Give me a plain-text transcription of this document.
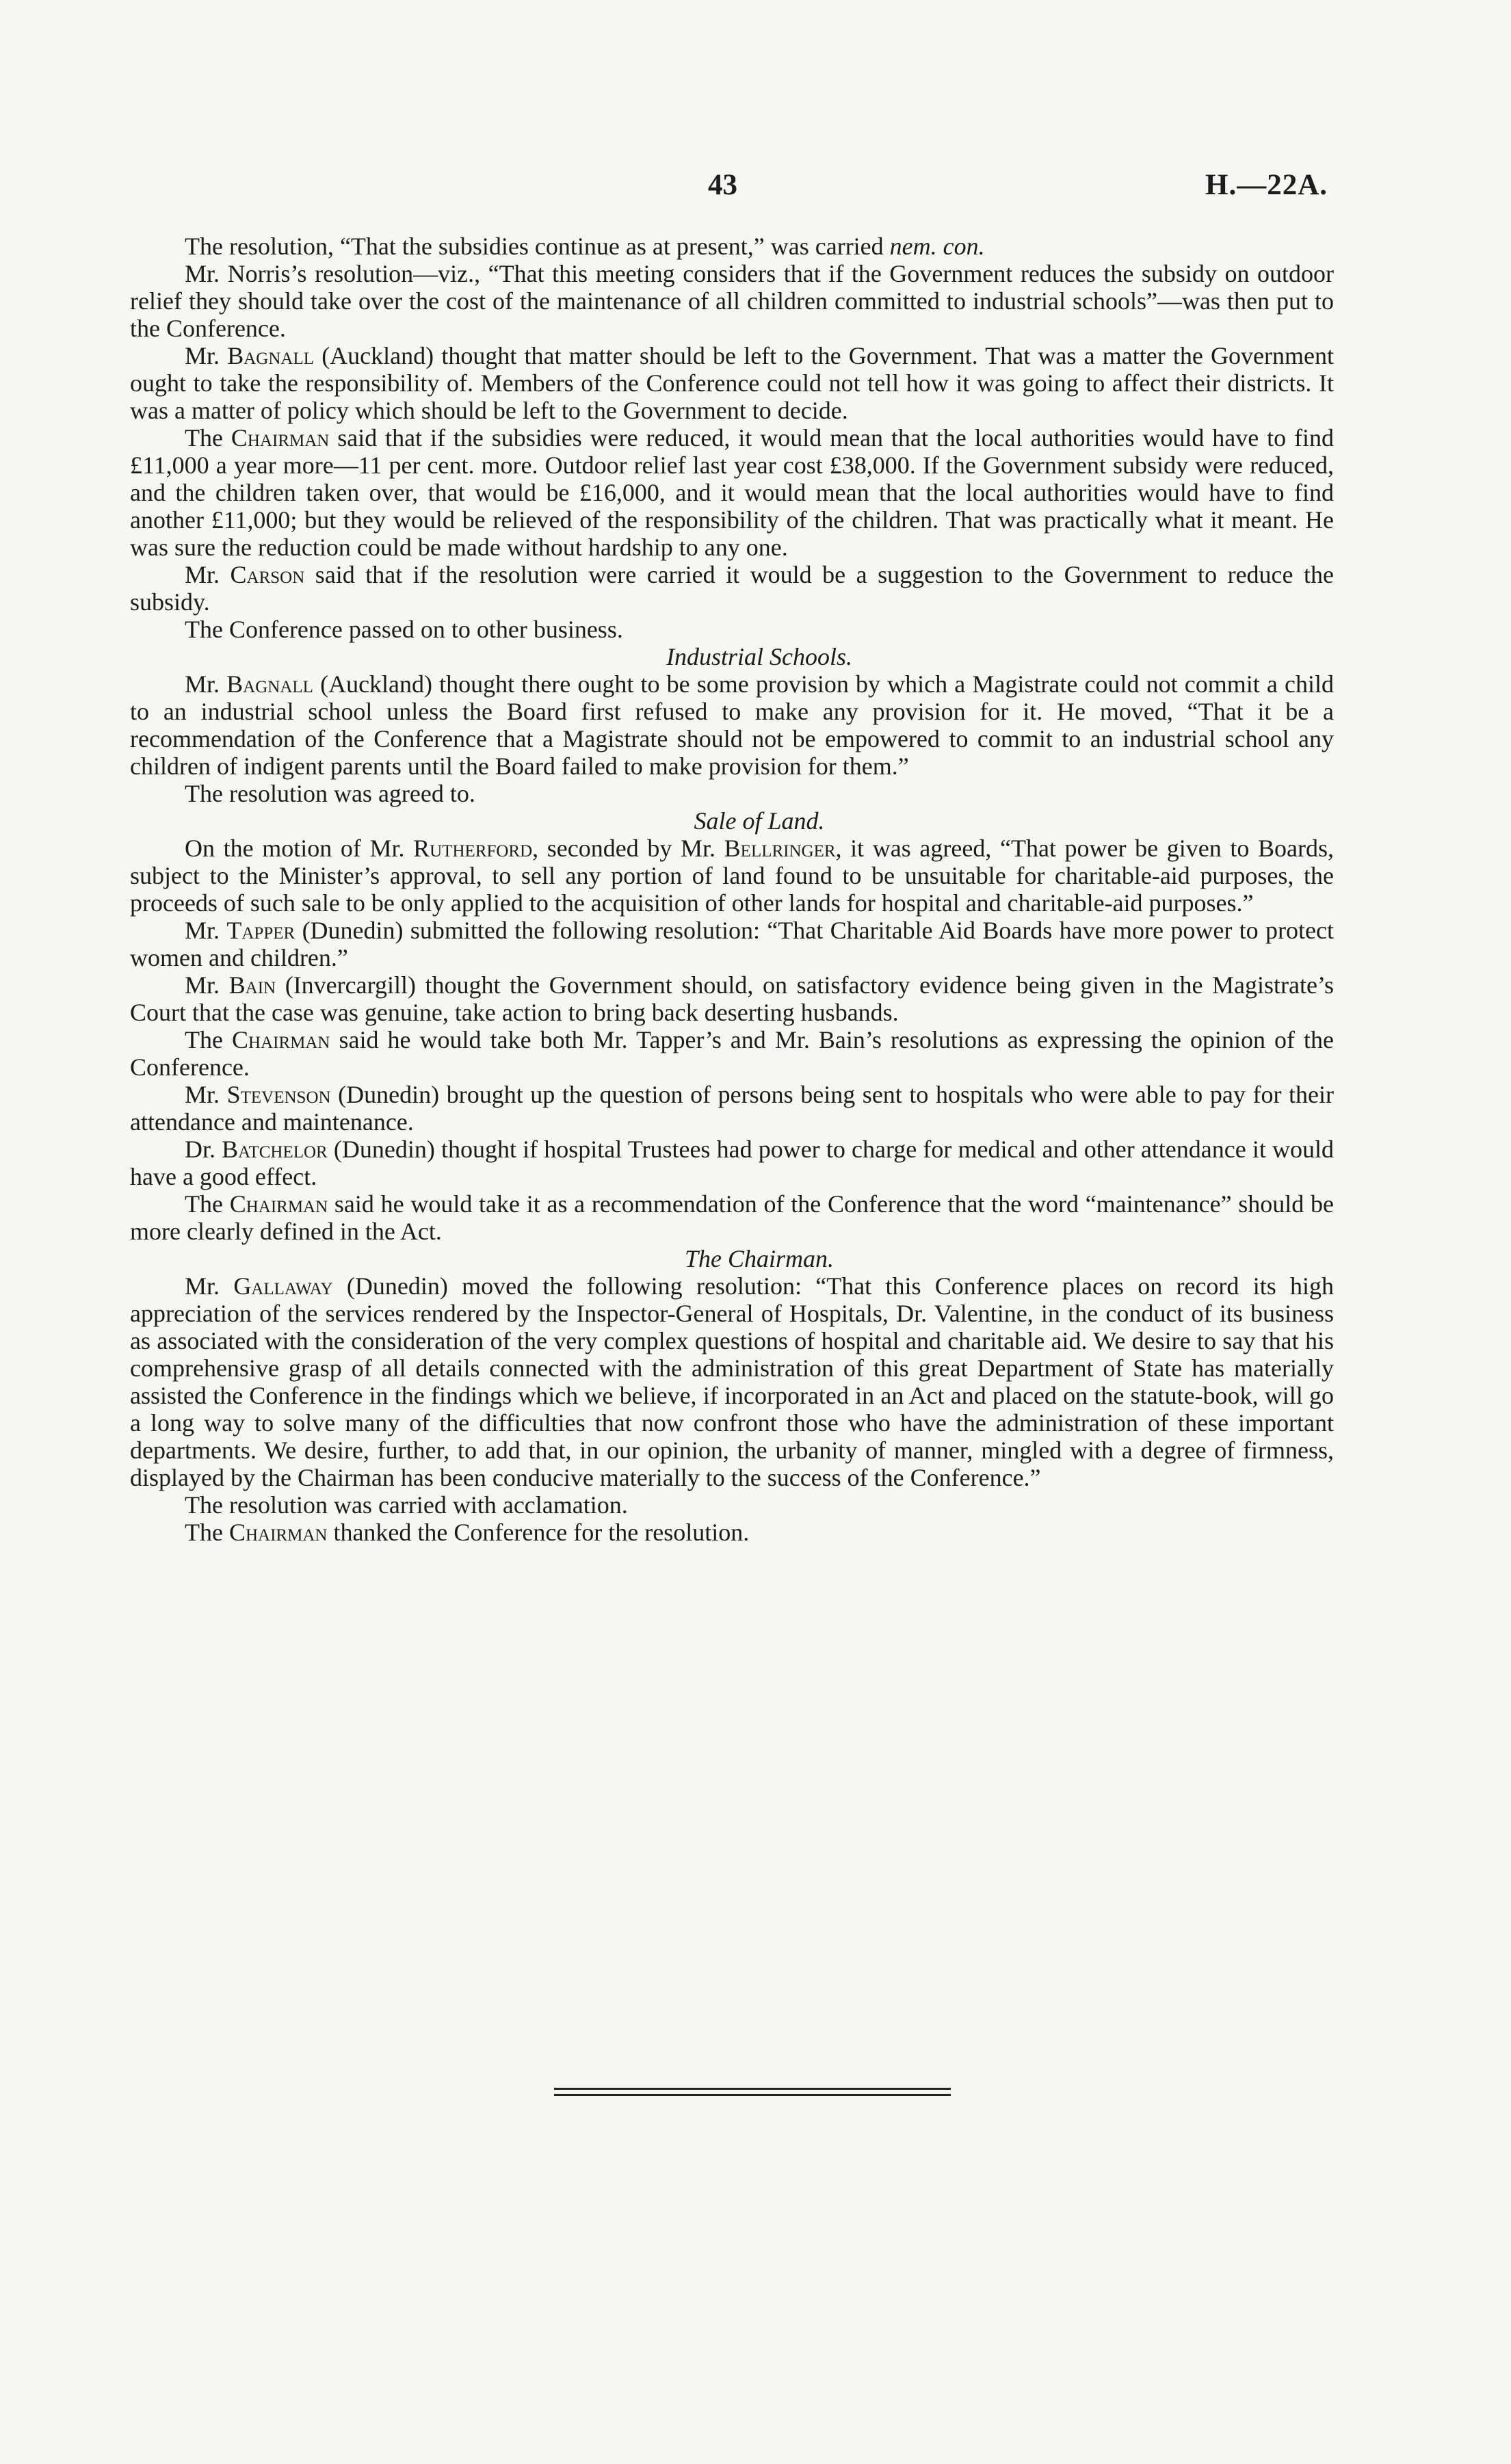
43	H.—22A.

The resolution, “That the subsidies continue as at present,” was carried nem. con.

Mr. Norris’s resolution—viz., “That this meeting considers that if the Government reduces the subsidy on outdoor relief they should take over the cost of the maintenance of all children committed to industrial schools”—was then put to the Conference.

Mr. Bagnall (Auckland) thought that matter should be left to the Government. That was a matter the Government ought to take the responsibility of. Members of the Conference could not tell how it was going to affect their districts. It was a matter of policy which should be left to the Government to decide.

The Chairman said that if the subsidies were reduced, it would mean that the local authorities would have to find £11,000 a year more—11 per cent. more. Outdoor relief last year cost £38,000. If the Government subsidy were reduced, and the children taken over, that would be £16,000, and it would mean that the local authorities would have to find another £11,000; but they would be relieved of the responsibility of the children. That was practically what it meant. He was sure the reduction could be made without hardship to any one.

Mr. Carson said that if the resolution were carried it would be a suggestion to the Government to reduce the subsidy.

The Conference passed on to other business.

Industrial Schools.

Mr. Bagnall (Auckland) thought there ought to be some provision by which a Magistrate could not commit a child to an industrial school unless the Board first refused to make any provision for it. He moved, “That it be a recommendation of the Conference that a Magistrate should not be empowered to commit to an industrial school any children of indigent parents until the Board failed to make provision for them.”

The resolution was agreed to.

Sale of Land.

On the motion of Mr. Rutherford, seconded by Mr. Bellringer, it was agreed, “That power be given to Boards, subject to the Minister’s approval, to sell any portion of land found to be unsuitable for charitable-aid purposes, the proceeds of such sale to be only applied to the acquisition of other lands for hospital and charitable-aid purposes.”

Mr. Tapper (Dunedin) submitted the following resolution: “That Charitable Aid Boards have more power to protect women and children.”

Mr. Bain (Invercargill) thought the Government should, on satisfactory evidence being given in the Magistrate’s Court that the case was genuine, take action to bring back deserting husbands.

The Chairman said he would take both Mr. Tapper’s and Mr. Bain’s resolutions as expressing the opinion of the Conference.

Mr. Stevenson (Dunedin) brought up the question of persons being sent to hospitals who were able to pay for their attendance and maintenance.

Dr. Batchelor (Dunedin) thought if hospital Trustees had power to charge for medical and other attendance it would have a good effect.

The Chairman said he would take it as a recommendation of the Conference that the word “maintenance” should be more clearly defined in the Act.

The Chairman.

Mr. Gallaway (Dunedin) moved the following resolution: “That this Conference places on record its high appreciation of the services rendered by the Inspector-General of Hospitals, Dr. Valentine, in the conduct of its business as associated with the consideration of the very complex questions of hospital and charitable aid. We desire to say that his comprehensive grasp of all details connected with the administration of this great Department of State has materially assisted the Conference in the findings which we believe, if incorporated in an Act and placed on the statute-book, will go a long way to solve many of the difficulties that now confront those who have the administration of these important departments. We desire, further, to add that, in our opinion, the urbanity of manner, mingled with a degree of firmness, displayed by the Chairman has been conducive materially to the success of the Conference.”

The resolution was carried with acclamation.

The Chairman thanked the Conference for the resolution.
